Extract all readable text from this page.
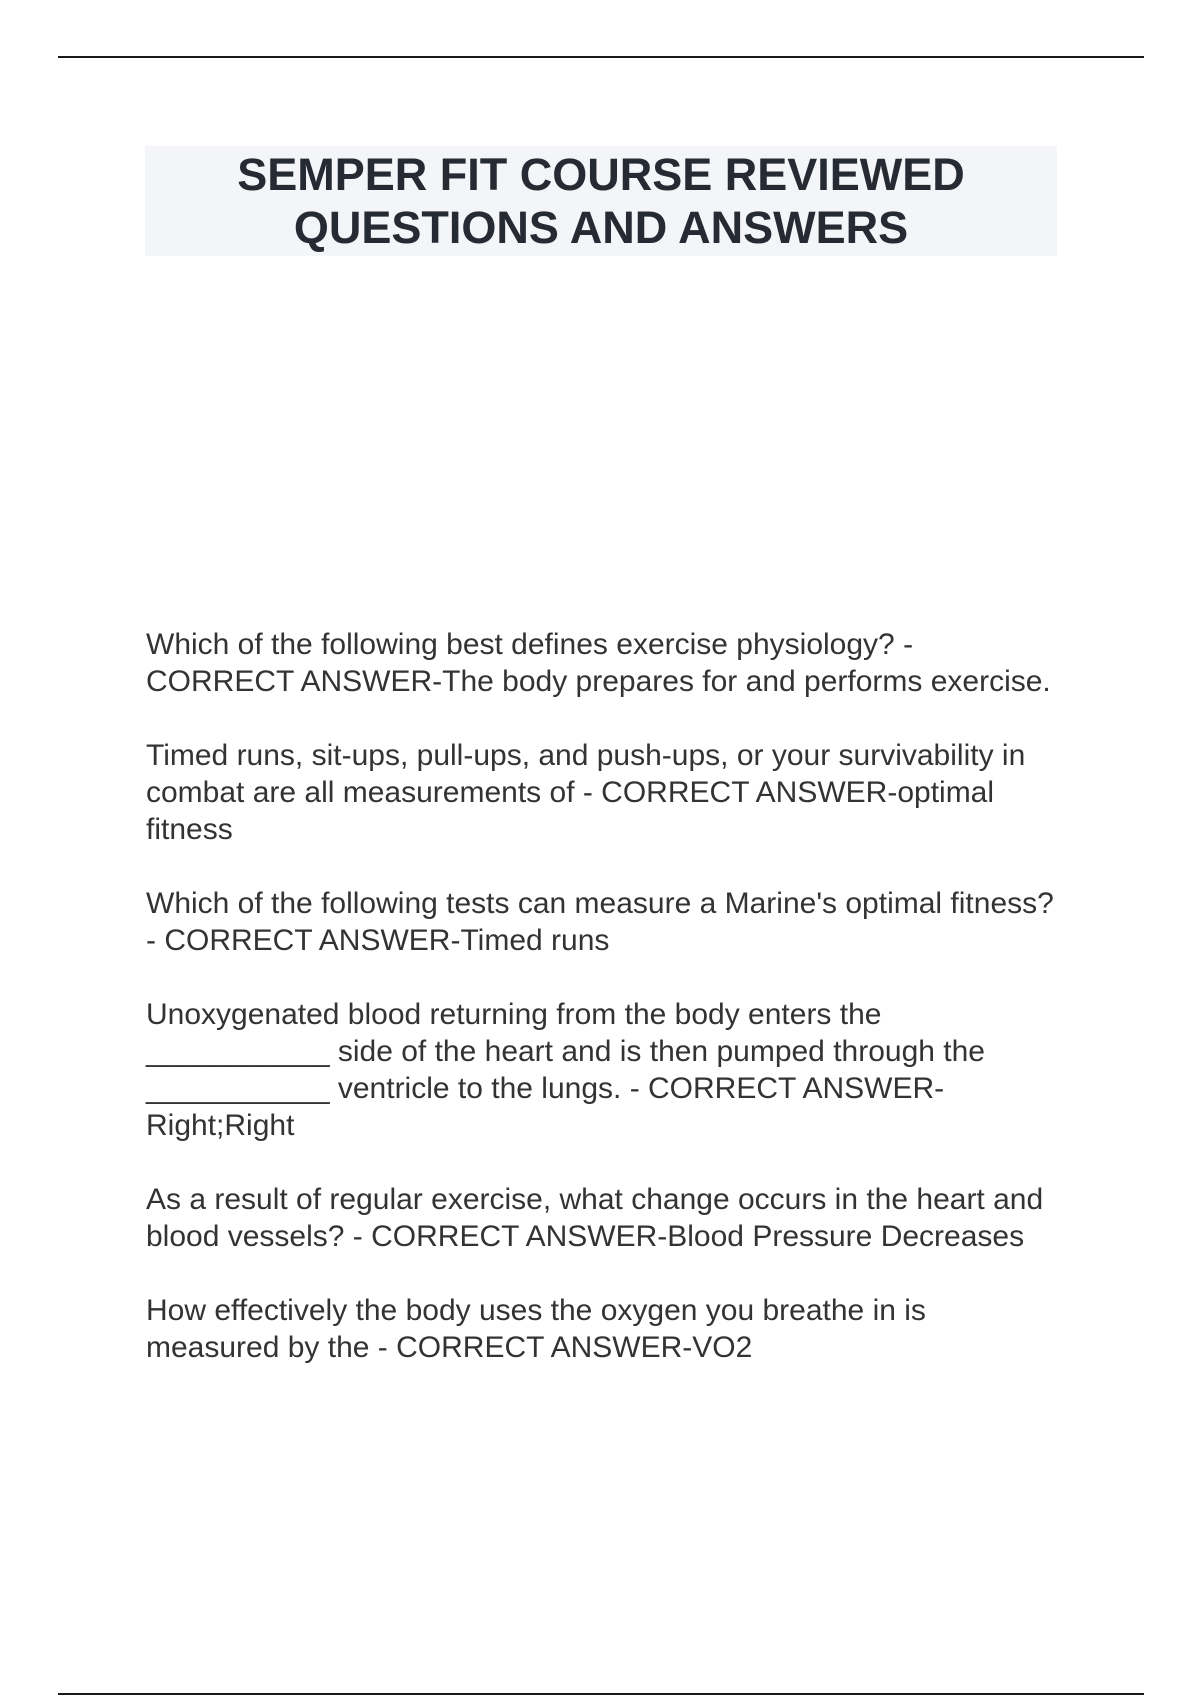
SEMPER FIT COURSE REVIEWED
QUESTIONS AND ANSWERS

Which of the following best defines exercise physiology? - CORRECT ANSWER-The body prepares for and performs exercise.

Timed runs, sit-ups, pull-ups, and push-ups, or your survivability in combat are all measurements of - CORRECT ANSWER-optimal fitness

Which of the following tests can measure a Marine's optimal fitness? - CORRECT ANSWER-Timed runs

Unoxygenated blood returning from the body enters the ___________ side of the heart and is then pumped through the ___________ ventricle to the lungs. - CORRECT ANSWER-Right;Right

As a result of regular exercise, what change occurs in the heart and blood vessels? - CORRECT ANSWER-Blood Pressure Decreases

How effectively the body uses the oxygen you breathe in is measured by the - CORRECT ANSWER-VO2
